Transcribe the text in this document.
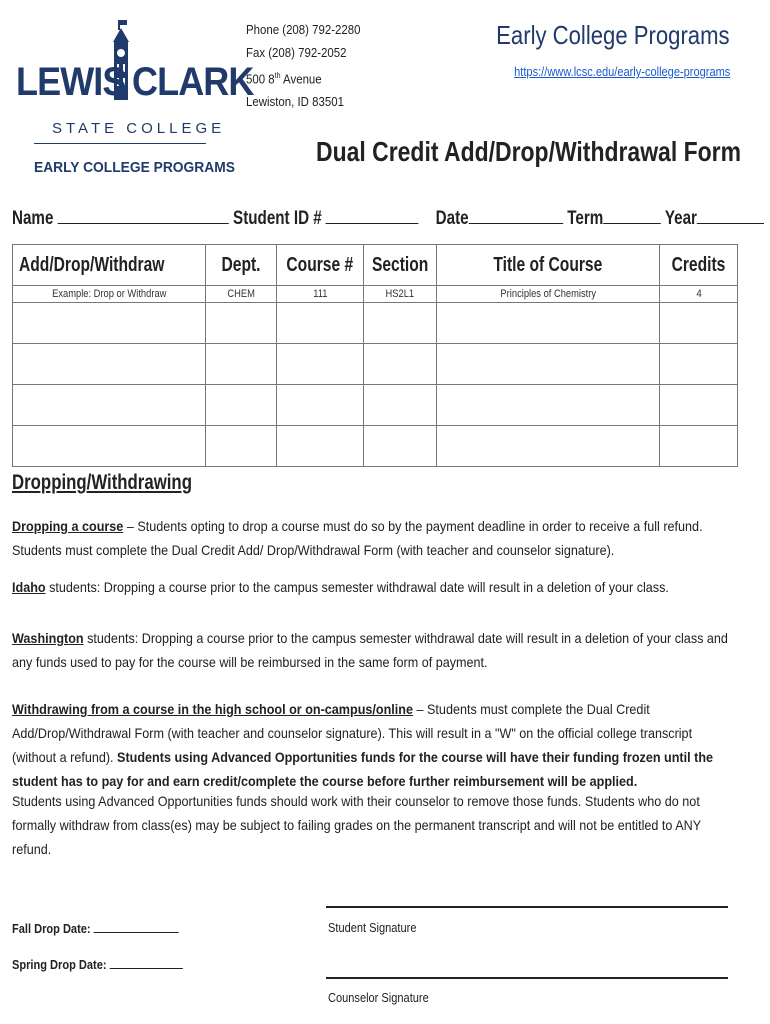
LEWIS CLARK
STATE COLLEGE
EARLY COLLEGE PROGRAMS
Phone (208) 792-2280
Fax (208) 792-2052
500 8th Avenue
Lewiston, ID 83501
Early College Programs
https://www.lcsc.edu/early-college-programs
Dual Credit Add/Drop/Withdrawal Form
Name	Student ID #	Date	Term	Year
Add/Drop/Withdraw	Dept.	Course #	Section	Title of Course	Credits
Example: Drop or Withdraw	CHEM	111	HS2L1	Principles of Chemistry	4

Dropping/Withdrawing
Dropping a course – Students opting to drop a course must do so by the payment deadline in order to receive a full refund. Students must complete the Dual Credit Add/ Drop/Withdrawal Form (with teacher and counselor signature).
Idaho students: Dropping a course prior to the campus semester withdrawal date will result in a deletion of your class.
Washington students: Dropping a course prior to the campus semester withdrawal date will result in a deletion of your class and any funds used to pay for the course will be reimbursed in the same form of payment.
Withdrawing from a course in the high school or on-campus/online – Students must complete the Dual Credit Add/Drop/Withdrawal Form (with teacher and counselor signature). This will result in a "W" on the official college transcript (without a refund). Students using Advanced Opportunities funds for the course will have their funding frozen until the student has to pay for and earn credit/complete the course before further reimbursement will be applied.
Students using Advanced Opportunities funds should work with their counselor to remove those funds. Students who do not formally withdraw from class(es) may be subject to failing grades on the permanent transcript and will not be entitled to ANY refund.
Fall Drop Date:
Spring Drop Date:
Student Signature
Counselor Signature
